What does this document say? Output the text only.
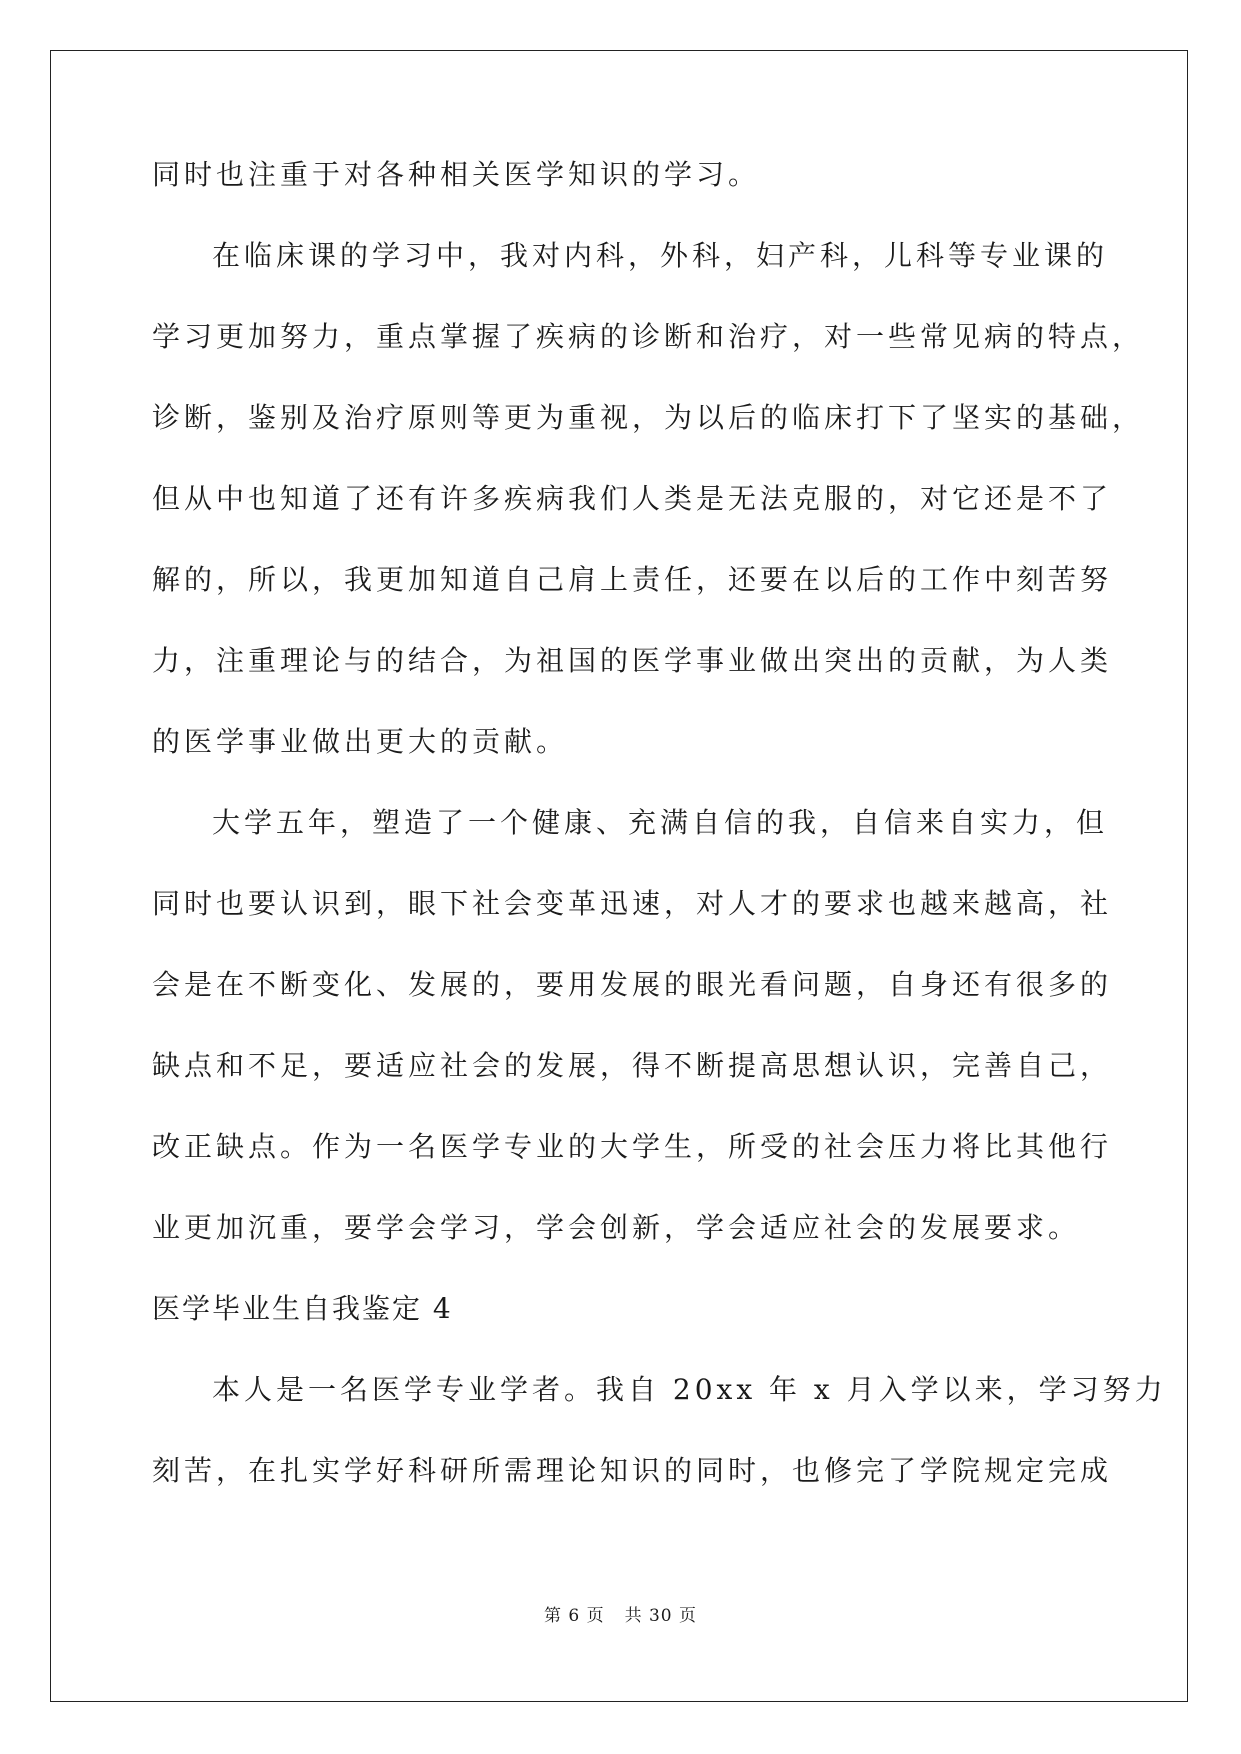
同时也注重于对各种相关医学知识的学习。
在临床课的学习中，我对内科，外科，妇产科，儿科等专业课的
学习更加努力，重点掌握了疾病的诊断和治疗，对一些常见病的特点，
诊断，鉴别及治疗原则等更为重视，为以后的临床打下了坚实的基础，
但从中也知道了还有许多疾病我们人类是无法克服的，对它还是不了
解的，所以，我更加知道自己肩上责任，还要在以后的工作中刻苦努
力，注重理论与的结合，为祖国的医学事业做出突出的贡献，为人类
的医学事业做出更大的贡献。
大学五年，塑造了一个健康、充满自信的我，自信来自实力，但
同时也要认识到，眼下社会变革迅速，对人才的要求也越来越高，社
会是在不断变化、发展的，要用发展的眼光看问题，自身还有很多的
缺点和不足，要适应社会的发展，得不断提高思想认识，完善自己，
改正缺点。作为一名医学专业的大学生，所受的社会压力将比其他行
业更加沉重，要学会学习，学会创新，学会适应社会的发展要求。
医学毕业生自我鉴定 4
本人是一名医学专业学者。我自 20xx 年 x 月入学以来，学习努力
刻苦，在扎实学好科研所需理论知识的同时，也修完了学院规定完成
第 6 页 共 30 页
